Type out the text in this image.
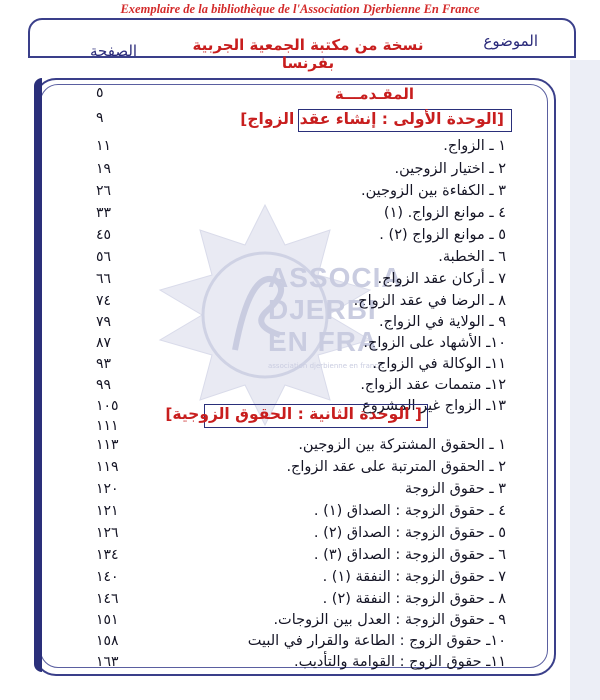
Exemplaire de la bibliothèque de l'Association Djerbienne En France
الموضوع
نسخة من مكتبة الجمعية الجربية بفرنسا
الصفحة
ASSOCIA
DJERBI
EN FRA
association djerbienne en france
المقـدمـــة
٥
[الوحدة الأولى : إنشاء عقد الزواج]
٩
١ ـ الزواج.
١١
٢ ـ اختيار الزوجين.
١٩
٣ ـ الكفاءة بين الزوجين.
٢٦
٤ ـ موانع الزواج. (١)
٣٣
٥ ـ موانع الزواج (٢) .
٤٥
٦ ـ الخطبة.
٥٦
٧ ـ أركان عقد الزواج.
٦٦
٨ ـ الرضا في عقد الزواج.
٧٤
٩ ـ الولاية في الزواج.
٧٩
١٠ـ الأشهاد على الزواج.
٨٧
١١ـ الوكالة في الزواج.
٩٣
١٢ـ متممات عقد الزواج.
٩٩
١٣ـ الزواج غير المشروع
١٠٥	[ الوحدة الثانية : الحقوق الزوجية]
١١١
١ ـ الحقوق المشتركة بين الزوجين.
١١٣
٢ ـ الحقوق المترتبة على عقد الزواج.
١١٩
٣ ـ حقوق الزوجة
١٢٠
٤ ـ حقوق الزوجة : الصداق (١) .
١٢١
٥ ـ حقوق الزوجة : الصداق (٢) .
١٢٦
٦ ـ حقوق الزوجة : الصداق (٣) .
١٣٤
٧ ـ حقوق الزوجة : النفقة (١) .
١٤٠
٨ ـ حقوق الزوجة : النفقة (٢) .
١٤٦
٩ ـ حقوق الزوجة : العدل بين الزوجات.
١٥١
١٠ـ حقوق الزوج : الطاعة والقرار في البيت
١٥٨
١١ـ حقوق الزوج : القوامة والتأديب.
١٦٣
